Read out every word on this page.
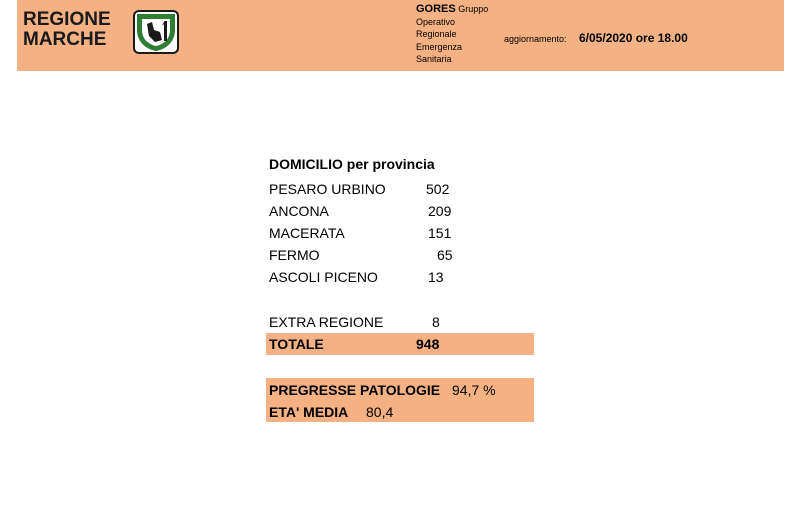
REGIONE
MARCHE
GORES Gruppo
Operativo
Regionale
Emergenza
Sanitaria
aggiornamento: 6/05/2020 ore 18.00
DOMICILIO per provincia
PESARO URBINO	502
ANCONA	209
MACERATA	151
FERMO	65
ASCOLI PICENO	13
EXTRA REGIONE	8
TOTALE	948
PREGRESSE PATOLOGIE 94,7 %
ETA' MEDIA 80,4
